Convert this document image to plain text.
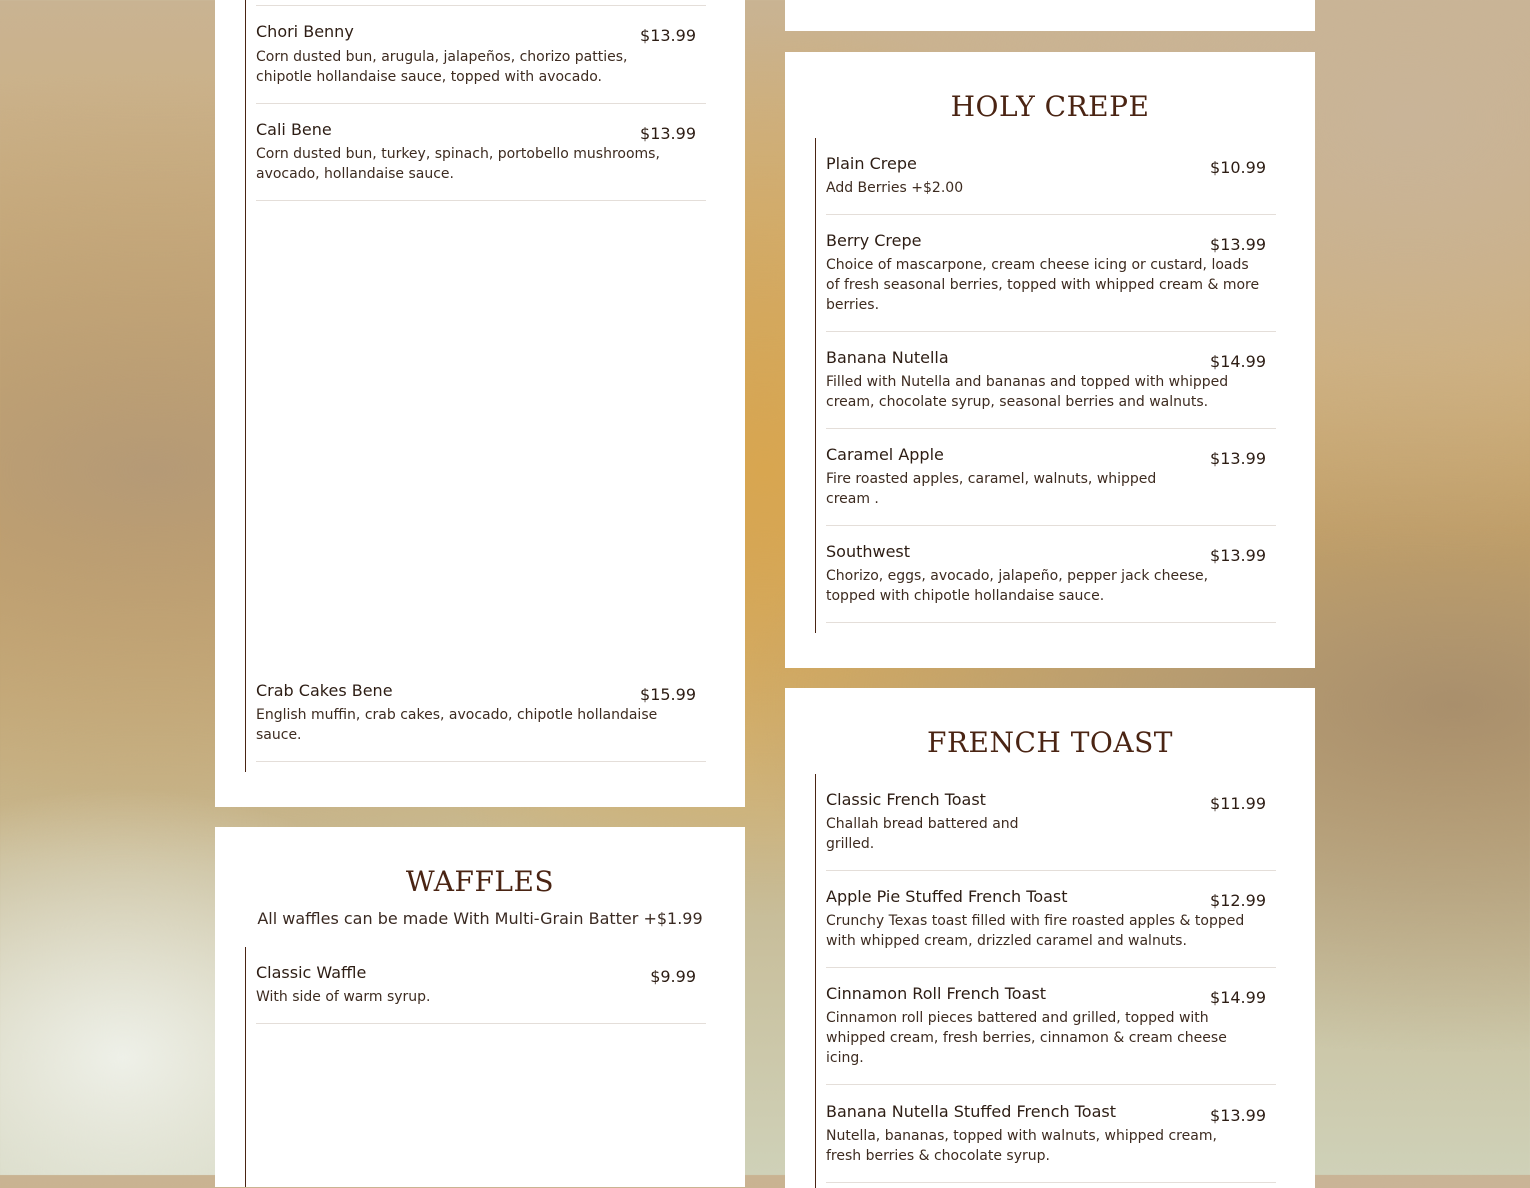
Chori Benny	$13.99
Corn dusted bun, arugula, jalapeños, chorizo patties, chipotle hollandaise sauce, topped with avocado.
Cali Bene	$13.99
Corn dusted bun, turkey, spinach, portobello mushrooms, avocado, hollandaise sauce.
Crab Cakes Bene	$15.99
English muffin, crab cakes, avocado, chipotle hollandaise sauce.
WAFFLES
All waffles can be made With Multi-Grain Batter +$1.99
Classic Waffle	$9.99
With side of warm syrup.
HOLY CREPE
Plain Crepe	$10.99
Add Berries +$2.00
Berry Crepe	$13.99
Choice of mascarpone, cream cheese icing or custard, loads of fresh seasonal berries, topped with whipped cream & more berries.
Banana Nutella	$14.99
Filled with Nutella and bananas and topped with whipped cream, chocolate syrup, seasonal berries and walnuts.
Caramel Apple	$13.99
Fire roasted apples, caramel, walnuts, whipped cream .
Southwest	$13.99
Chorizo, eggs, avocado, jalapeño, pepper jack cheese, topped with chipotle hollandaise sauce.
FRENCH TOAST
Classic French Toast	$11.99
Challah bread battered and grilled.
Apple Pie Stuffed French Toast	$12.99
Crunchy Texas toast filled with fire roasted apples & topped with whipped cream, drizzled caramel and walnuts.
Cinnamon Roll French Toast	$14.99
Cinnamon roll pieces battered and grilled, topped with whipped cream, fresh berries, cinnamon & cream cheese icing.
Banana Nutella Stuffed French Toast	$13.99
Nutella, bananas, topped with walnuts, whipped cream, fresh berries & chocolate syrup.
